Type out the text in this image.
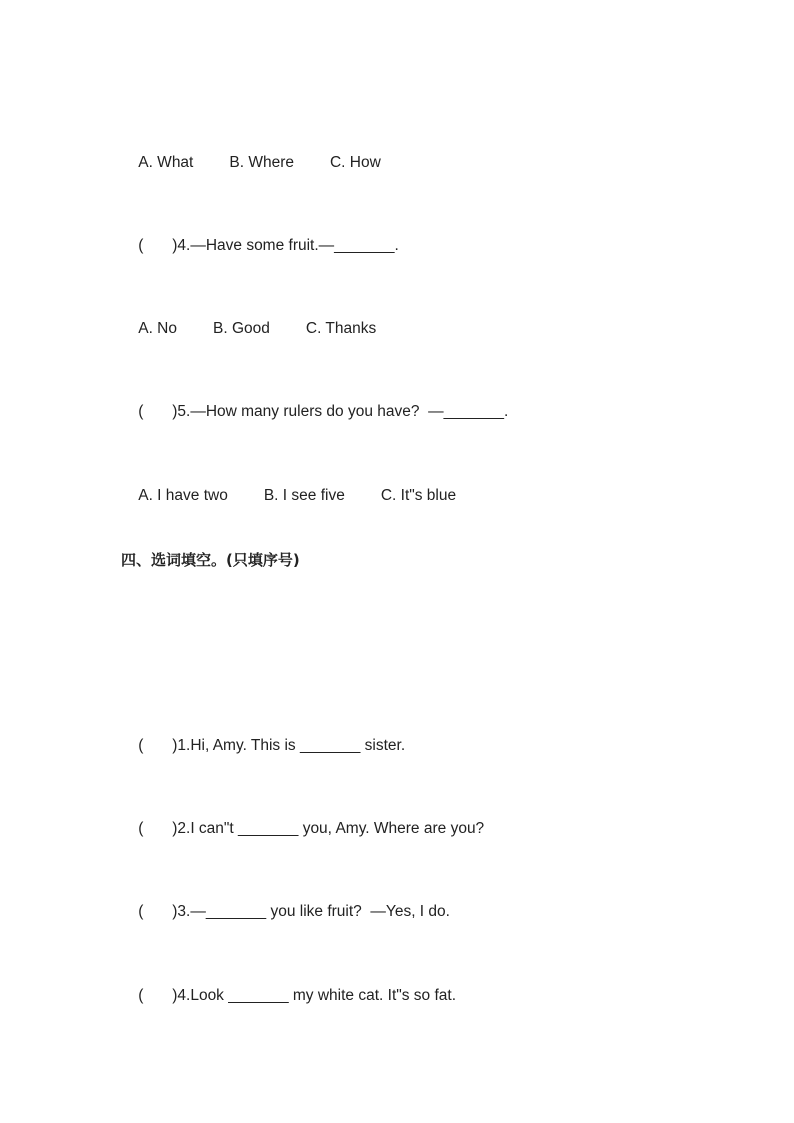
A. What B. Where C. How

( )4.—Have some fruit.—_______.

A. No B. Good C. Thanks

( )5.—How many rulers do you have?  —_______.

A. I have two B. I see five C. It"s blue

四、选词填空。(只填序号)

( )1.Hi, Amy. This is _______ sister.

( )2.I can"t _______ you, Amy. Where are you?

( )3.—_______ you like fruit?  —Yes, I do.

( )4.Look _______ my white cat. It"s so fat.
